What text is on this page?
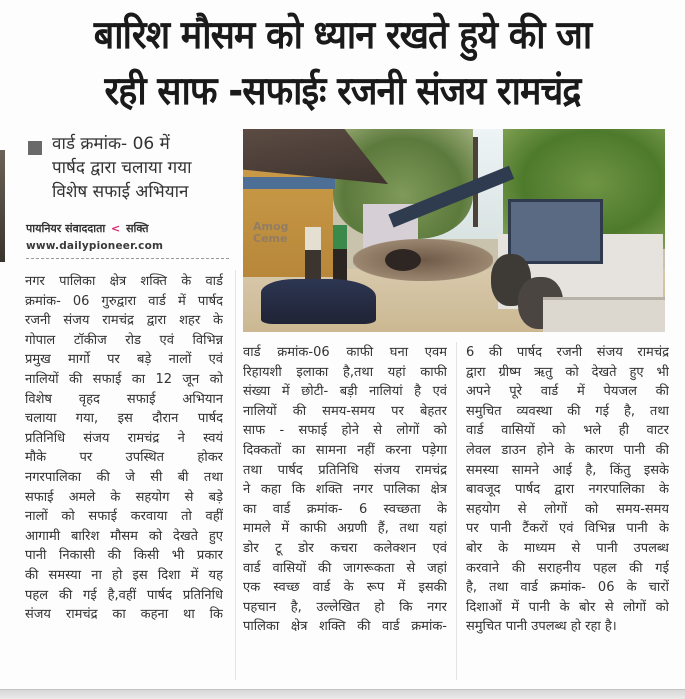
बारिश मौसम को ध्यान रखते हुये की जा
रही साफ -सफाईः रजनी संजय रामचंद्र
वार्ड क्रमांक- 06 में
पार्षद द्वारा चलाया गया
विशेष सफाई अभियान
पायनियर संवाददाता < सक्ति
www.dailypioneer.com
Amog
Ceme
नगर पालिका क्षेत्र शक्ति के वार्ड
क्रमांक- 06 गुरुद्वारा वार्ड में पार्षद
रजनी संजय रामचंद्र द्वारा शहर के
गोपाल टॉकीज रोड एवं विभिन्न
प्रमुख मार्गो पर बड़े नालों एवं
नालियों की सफाई का 12 जून को
विशेष वृहद सफाई अभियान
चलाया गया, इस दौरान पार्षद
प्रतिनिधि संजय रामचंद्र ने स्वयं
मौके पर उपस्थित होकर
नगरपालिका की जे सी बी तथा
सफाई अमले के सहयोग से बड़े
नालों को सफाई करवाया तो वहीं
आगामी बारिश मौसम को देखते हुए
पानी निकासी की किसी भी प्रकार
की समस्या ना हो इस दिशा में यह
पहल की गई है,वहीं पार्षद प्रतिनिधि
संजय रामचंद्र का कहना था कि
वार्ड क्रमांक-06 काफी घना एवम
रिहायशी इलाका है,तथा यहां काफी
संख्या में छोटी- बड़ी नालियां है एवं
नालियों की समय-समय पर बेहतर
साफ - सफाई होने से लोगों को
दिक्कतों का सामना नहीं करना पड़ेगा
तथा पार्षद प्रतिनिधि संजय रामचंद्र
ने कहा कि शक्ति नगर पालिका क्षेत्र
का वार्ड क्रमांक- 6 स्वच्छता के
मामले में काफी अग्रणी हैं, तथा यहां
डोर टू डोर कचरा कलेक्शन एवं
वार्ड वासियों की जागरूकता से जहां
एक स्वच्छ वार्ड के रूप में इसकी
पहचान है, उल्लेखित हो कि नगर
पालिका क्षेत्र शक्ति की वार्ड क्रमांक-
6 की पार्षद रजनी संजय रामचंद्र
द्वारा ग्रीष्म ऋतु को देखते हुए भी
अपने पूरे वार्ड में पेयजल की
समुचित व्यवस्था की गई है, तथा
वार्ड वासियों को भले ही वाटर
लेवल डाउन होने के कारण पानी की
समस्या सामने आई है, किंतु इसके
बावजूद पार्षद द्वारा नगरपालिका के
सहयोग से लोगों को समय-समय
पर पानी टैंकरों एवं विभिन्न पानी के
बोर के माध्यम से पानी उपलब्ध
करवाने की सराहनीय पहल की गई
है, तथा वार्ड क्रमांक- 06 के चारों
दिशाओं में पानी के बोर से लोगों को
समुचित पानी उपलब्ध हो रहा है।
